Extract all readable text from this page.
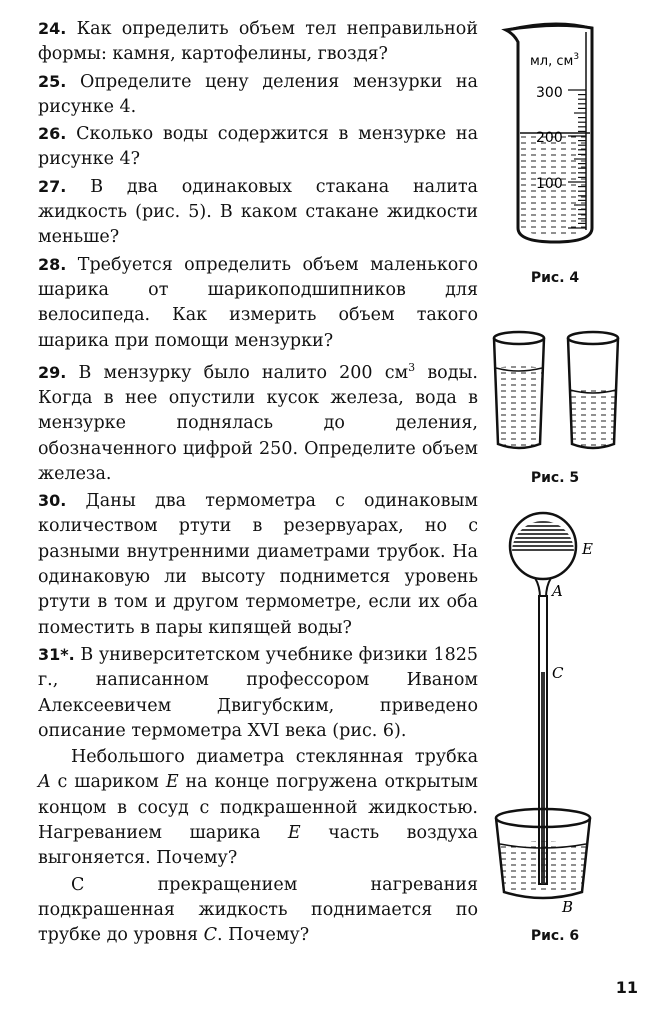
24. Как определить объем тел неправильной формы: камня, картофелины, гвоздя?

25. Определите цену деления мензурки на рисунке 4.

26. Сколько воды содержится в мензурке на рисунке 4?

27. В два одинаковых стакана налита жидкость (рис. 5). В каком стакане жидкости меньше?

28. Требуется определить объем маленького шарика от шарикоподшипников для велосипеда. Как измерить объем такого шарика при помощи мензурки?

29. В мензурку было налито 200 $см^3$ воды. Когда в нее опустили кусок железа, вода в мензурке поднялась до деления, обозначенного цифрой 250. Определите объем железа.

30. Даны два термометра с одинаковым количеством ртути в резервуарах, но с разными внутренними диаметрами трубок. На одинаковую ли высоту поднимется уровень ртути в том и другом термометре, если их оба поместить в пары кипящей воды?

31*. В университетском учебнике физики 1825 г., написанном профессором Иваном Алексеевичем Двигубским, приведено описание термометра XVI века (рис. 6).

Небольшого диаметра стеклянная трубка A с шариком E на конце погружена открытым концом в сосуд с подкрашенной жидкостью. Нагреванием шарика E часть воздуха выгоняется. Почему?

С прекращением нагревания подкрашенная жидкость поднимается по трубке до уровня C. Почему?

мл, $см^3$
300
200
100
Рис. 4
Рис. 5
E
A
C
B
Рис. 6
11
